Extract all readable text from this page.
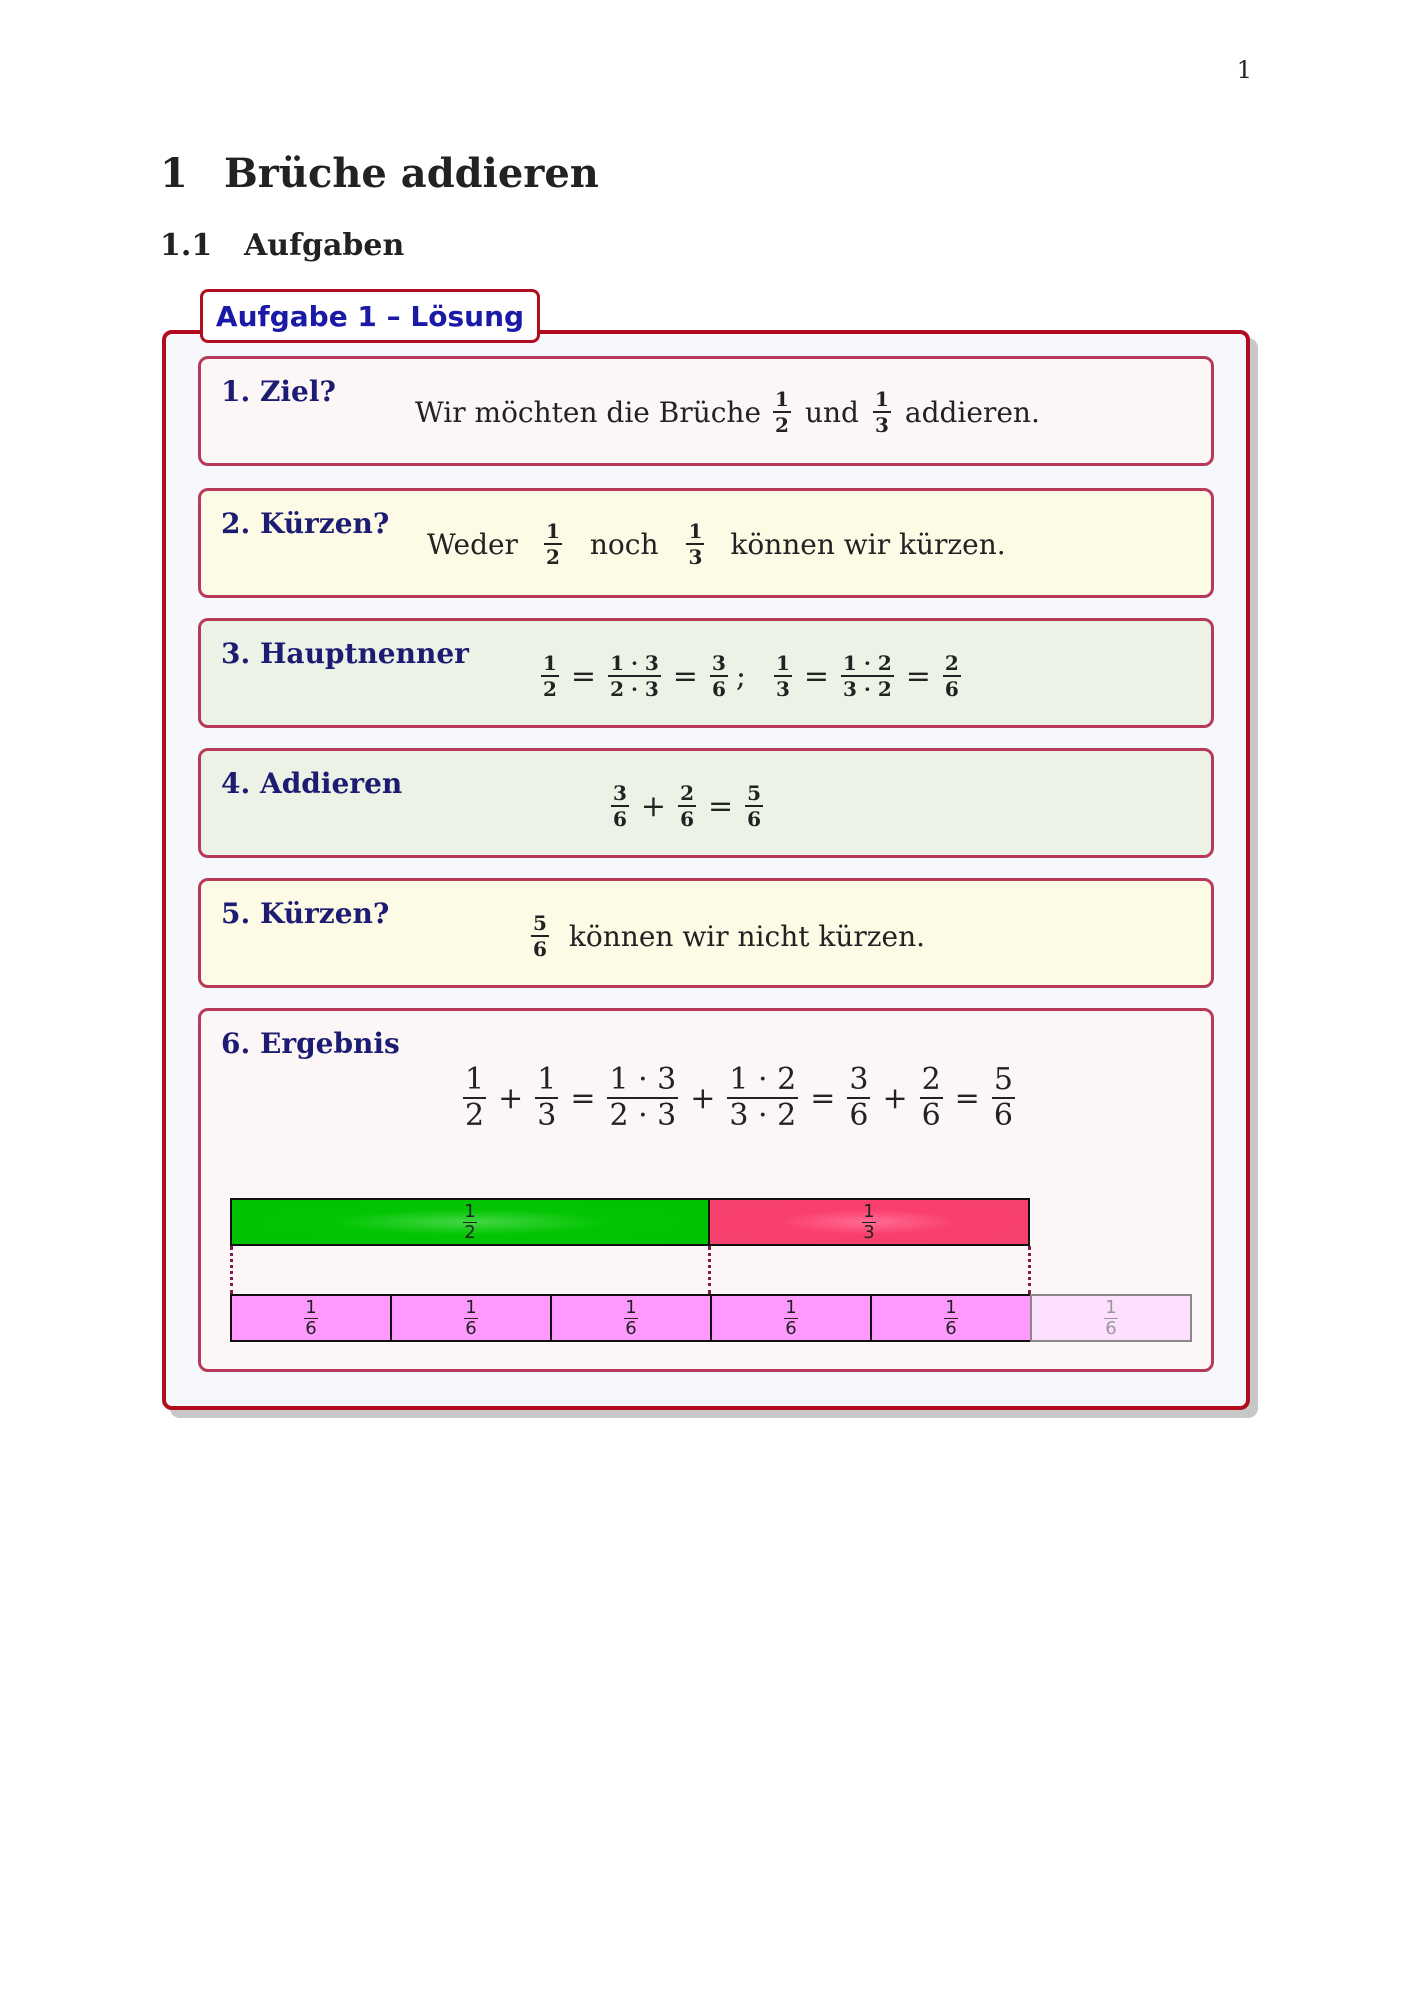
1
1 Brüche addieren
1.1 Aufgaben
Aufgabe 1 – Lösung
1. Ziel?
Wir möchten die Brüche $\frac{1}{2}$ und $\frac{1}{3}$ addieren.
2. Kürzen?
Weder $\frac{1}{2}$ noch $\frac{1}{3}$ können wir kürzen.
3. Hauptnenner	$\frac{1}{2} = \frac{1 \cdot 3}{2 \cdot 3} = \frac{3}{6}$ ; $\frac{1}{3} = \frac{1 \cdot 2}{3 \cdot 2} = \frac{2}{6}$
4. Addieren	$\frac{3}{6} + \frac{2}{6} = \frac{5}{6}$
5. Kürzen?	$\frac{5}{6}$ können wir nicht kürzen.
6. Ergebnis
$\frac{1}{2} + \frac{1}{3} = \frac{1 \cdot 3}{2 \cdot 3} + \frac{1 \cdot 2}{3 \cdot 2} = \frac{3}{6} + \frac{2}{6} = \frac{5}{6}$
$\frac{1}{2}$	$\frac{1}{3}$
$\frac{1}{6}$	$\frac{1}{6}$	$\frac{1}{6}$	$\frac{1}{6}$	$\frac{1}{6}$	$\frac{1}{6}$
